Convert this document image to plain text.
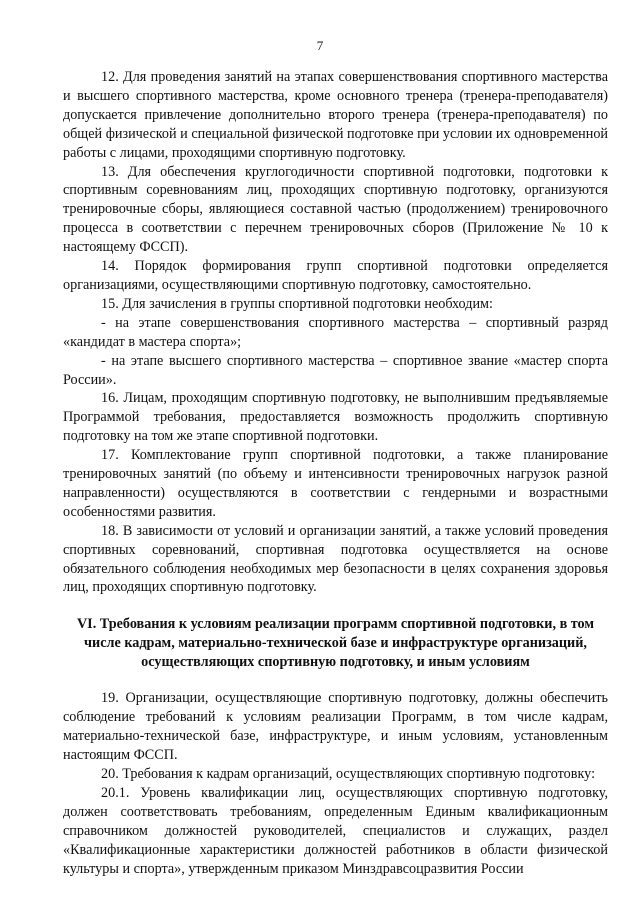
7

12. Для проведения занятий на этапах совершенствования спортивного мастерства и высшего спортивного мастерства, кроме основного тренера (тренера-преподавателя) допускается привлечение дополнительно второго тренера (тренера-преподавателя) по общей физической и специальной физической подготовке при условии их одновременной работы с лицами, проходящими спортивную подготовку.

13. Для обеспечения круглогодичности спортивной подготовки, подготовки к спортивным соревнованиям лиц, проходящих спортивную подготовку, организуются тренировочные сборы, являющиеся составной частью (продолжением) тренировочного процесса в соответствии с перечнем тренировочных сборов (Приложение № 10 к настоящему ФССП).

14. Порядок формирования групп спортивной подготовки определяется организациями, осуществляющими спортивную подготовку, самостоятельно.

15. Для зачисления в группы спортивной подготовки необходим:

- на этапе совершенствования спортивного мастерства – спортивный разряд «кандидат в мастера спорта»;

- на этапе высшего спортивного мастерства – спортивное звание «мастер спорта России».

16. Лицам, проходящим спортивную подготовку, не выполнившим предъявляемые Программой требования, предоставляется возможность продолжить спортивную подготовку на том же этапе спортивной подготовки.

17. Комплектование групп спортивной подготовки, а также планирование тренировочных занятий (по объему и интенсивности тренировочных нагрузок разной направленности) осуществляются в соответствии с гендерными и возрастными особенностями развития.

18. В зависимости от условий и организации занятий, а также условий проведения спортивных соревнований, спортивная подготовка осуществляется на основе обязательного соблюдения необходимых мер безопасности в целях сохранения здоровья лиц, проходящих спортивную подготовку.

VI. Требования к условиям реализации программ спортивной подготовки, в том числе кадрам, материально-технической базе и инфраструктуре организаций, осуществляющих спортивную подготовку, и иным условиям

19. Организации, осуществляющие спортивную подготовку, должны обеспечить соблюдение требований к условиям реализации Программ, в том числе кадрам, материально-технической базе, инфраструктуре, и иным условиям, установленным настоящим ФССП.

20. Требования к кадрам организаций, осуществляющих спортивную подготовку:

20.1. Уровень квалификации лиц, осуществляющих спортивную подготовку, должен соответствовать требованиям, определенным Единым квалификационным справочником должностей руководителей, специалистов и служащих, раздел «Квалификационные характеристики должностей работников в области физической культуры и спорта», утвержденным приказом Минздравсоцразвития России
